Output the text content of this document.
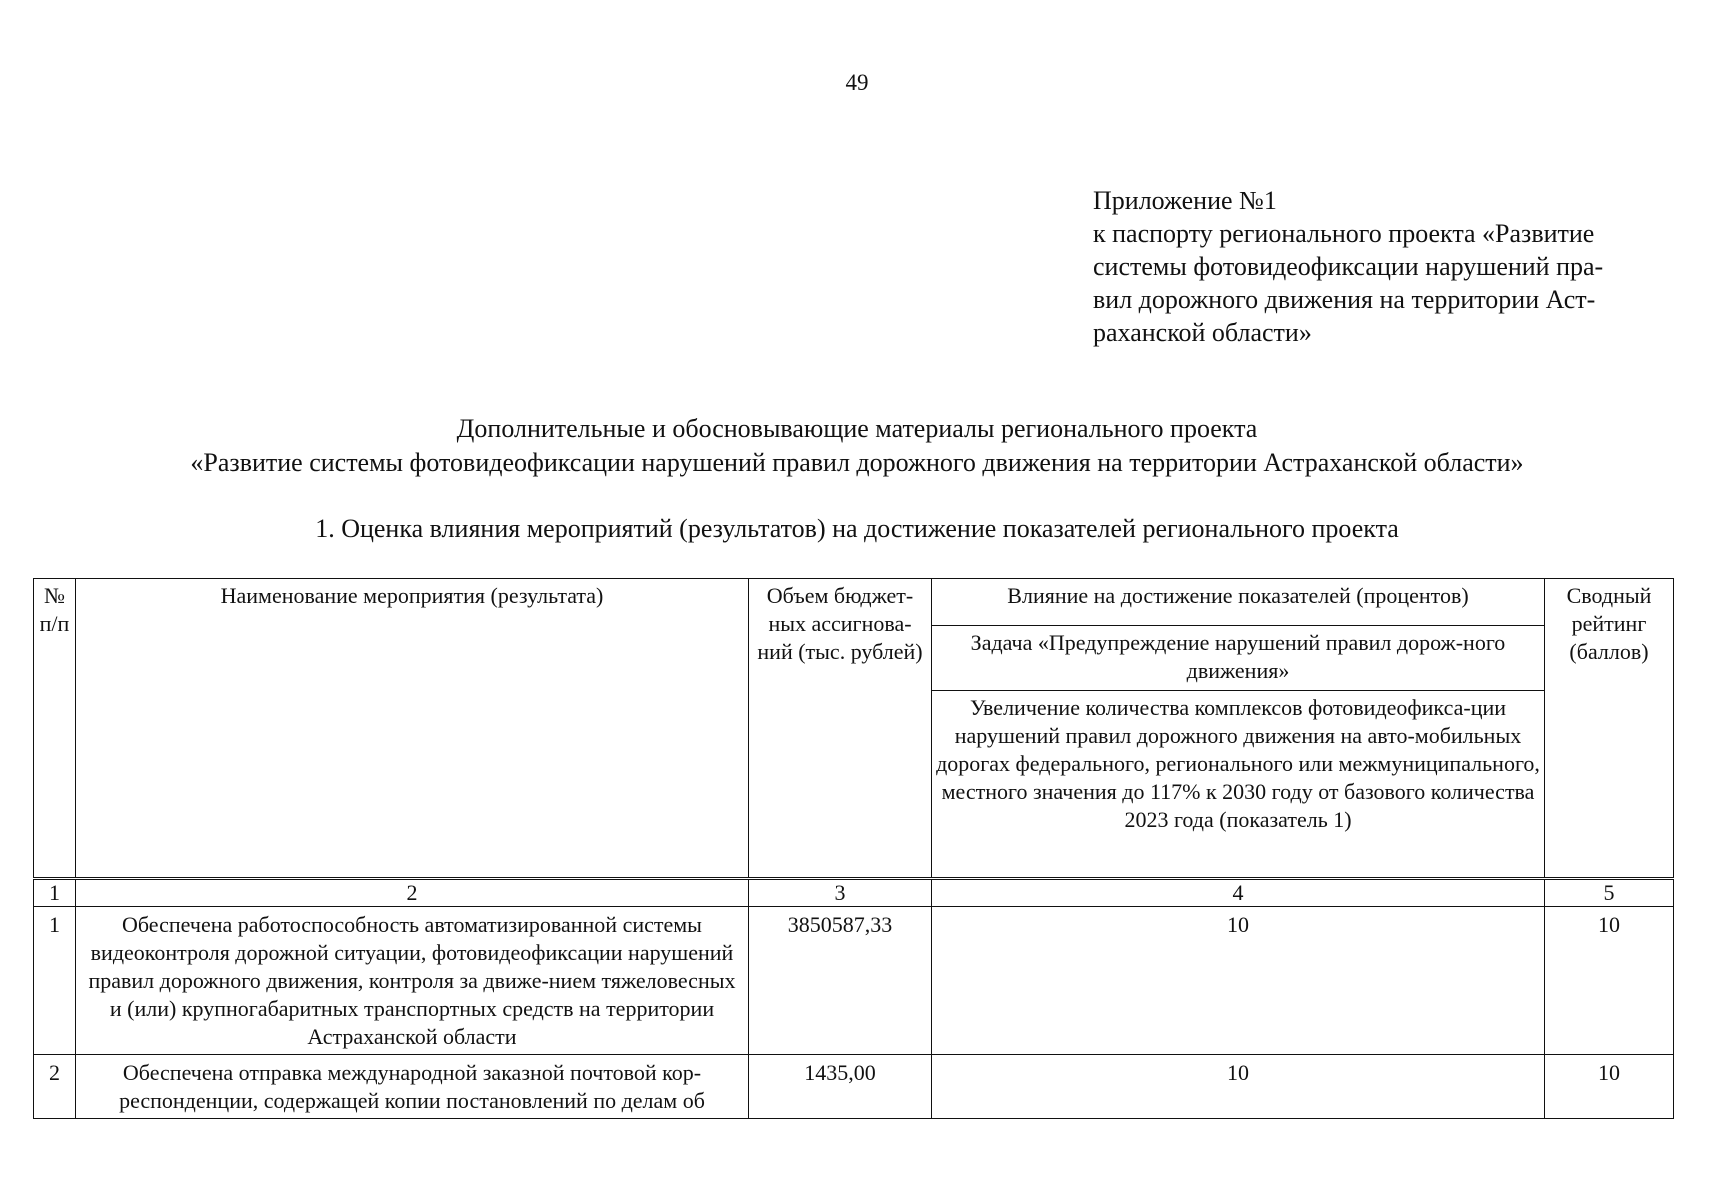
49
Приложение №1
к паспорту регионального проекта «Развитие
системы фотовидеофиксации нарушений пра-
вил дорожного движения на территории Аст-
раханской области»
Дополнительные и обосновывающие материалы регионального проекта
«Развитие системы фотовидеофиксации нарушений правил дорожного движения на территории Астраханской области»
1. Оценка влияния мероприятий (результатов) на достижение показателей регионального проекта
№ п/п	Наименование мероприятия (результата)	Объем бюджет-ных ассигнова-ний (тыс. рублей)	Влияние на достижение показателей (процентов)	Сводный рейтинг (баллов)
			Задача «Предупреждение нарушений правил дорож-ного движения»	
			Увеличение количества комплексов фотовидеофикса-ции нарушений правил дорожного движения на авто-мобильных дорогах федерального, регионального или межмуниципального, местного значения до 117% к 2030 году от базового количества 2023 года (показатель 1)	
1	2	3	4	5
1	Обеспечена работоспособность автоматизированной системы видеоконтроля дорожной ситуации, фотовидеофиксации нарушений правил дорожного движения, контроля за движе-нием тяжеловесных и (или) крупногабаритных транспортных средств на территории Астраханской области	3850587,33	10	10
2	Обеспечена отправка международной заказной почтовой кор-респонденции, содержащей копии постановлений по делам об	1435,00	10	10
